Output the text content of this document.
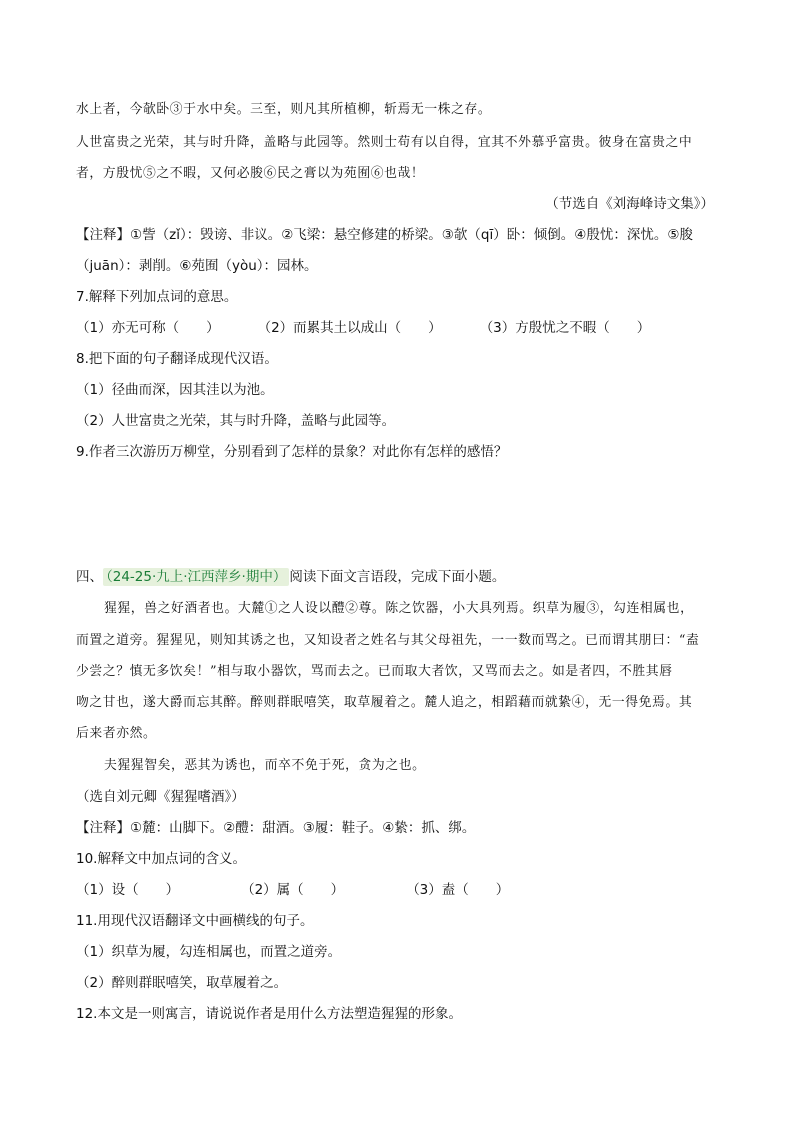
水上者，今欹卧③于水中矣。三至，则凡其所植柳，斩焉无一株之存。
人世富贵之光荣，其与时升降，盖略与此园等。然则士苟有以自得，宜其不外慕乎富贵。彼身在富贵之中
者，方殷忧⑤之不暇，又何必朘⑥民之膏以为苑囿⑥也哉！
（节选自《刘海峰诗文集》）
【注释】①訾（zǐ）：毁谤、非议。②飞梁：悬空修建的桥梁。③欹（qī）卧：倾倒。④殷忧：深忧。⑤朘
（juān）：剥削。⑥苑囿（yòu）：园林。
7.解释下列加点词的意思。
（1）亦无可称（　　）	（2）而累其土以成山（　　）	（3）方殷忧之不暇（　　）
8.把下面的句子翻译成现代汉语。
（1）径曲而深，因其洼以为池。
（2）人世富贵之光荣，其与时升降，盖略与此园等。
9.作者三次游历万柳堂，分别看到了怎样的景象？对此你有怎样的感悟？
四、 （24-25·九上·江西萍乡·期中） 阅读下面文言语段，完成下面小题。
猩猩，兽之好酒者也。大麓①之人设以醴②尊。陈之饮器，小大具列焉。织草为履③，勾连相属也，
而置之道旁。猩猩见，则知其诱之也，又知设者之姓名与其父母祖先，一一数而骂之。已而谓其朋曰：“盍
少尝之？慎无多饮矣！”相与取小器饮，骂而去之。已而取大者饮，又骂而去之。如是者四，不胜其唇
吻之甘也，遂大爵而忘其醉。醉则群眠嘻笑，取草履着之。麓人追之，相蹈藉而就絷④，无一得免焉。其
后来者亦然。
夫猩猩智矣，恶其为诱也，而卒不免于死，贪为之也。
（选自刘元卿《猩猩嗜酒》）
【注释】①麓：山脚下。②醴：甜酒。③履：鞋子。④絷：抓、绑。
10.解释文中加点词的含义。
（1）设（　　）	（2）属（　　）	（3）盍（　　）
11.用现代汉语翻译文中画横线的句子。
（1）织草为履，勾连相属也，而置之道旁。
（2）醉则群眠嘻笑，取草履着之。
12.本文是一则寓言，请说说作者是用什么方法塑造猩猩的形象。
